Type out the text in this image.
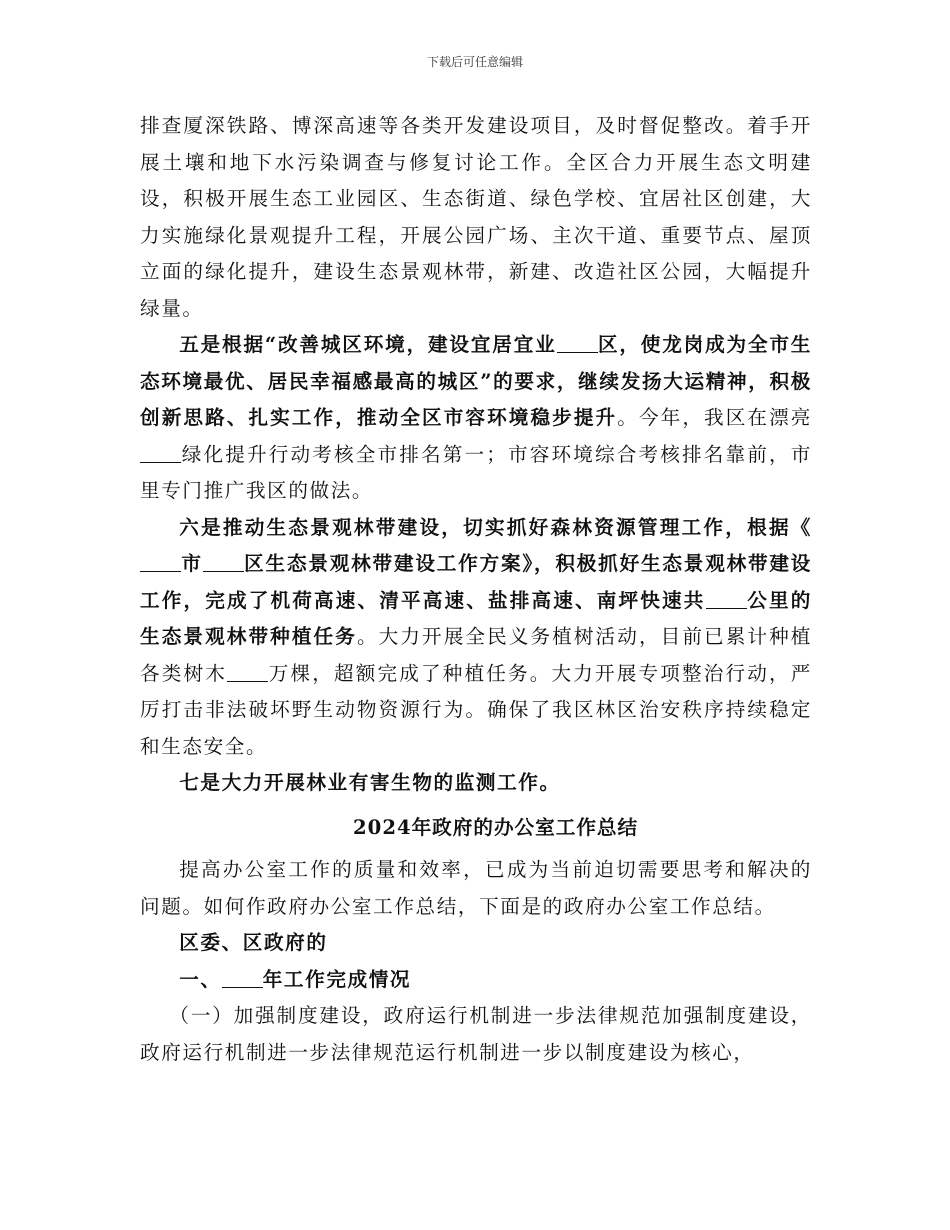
下载后可任意编辑

排查厦深铁路、博深高速等各类开发建设项目，及时督促整改。着手开展土壤和地下水污染调查与修复讨论工作。全区合力开展生态文明建设，积极开展生态工业园区、生态街道、绿色学校、宜居社区创建，大力实施绿化景观提升工程，开展公园广场、主次干道、重要节点、屋顶立面的绿化提升，建设生态景观林带，新建、改造社区公园，大幅提升绿量。

五是根据“改善城区环境，建设宜居宜业 区，使龙岗成为全市生态环境最优、居民幸福感最高的城区”的要求，继续发扬大运精神，积极创新思路、扎实工作，推动全区市容环境稳步提升。今年，我区在漂亮绿化提升行动考核全市排名第一；市容环境综合考核排名靠前，市里专门推广我区的做法。

六是推动生态景观林带建设，切实抓好森林资源管理工作，根据《市 区生态景观林带建设工作方案》，积极抓好生态景观林带建设工作，完成了机荷高速、清平高速、盐排高速、南坪快速共 公里的生态景观林带种植任务。大力开展全民义务植树活动，目前已累计种植各类树木 万棵，超额完成了种植任务。大力开展专项整治行动，严厉打击非法破坏野生动物资源行为。确保了我区林区治安秩序持续稳定和生态安全。

七是大力开展林业有害生物的监测工作。

2024年政府的办公室工作总结

提高办公室工作的质量和效率，已成为当前迫切需要思考和解决的问题。如何作政府办公室工作总结，下面是的政府办公室工作总结。

区委、区政府的

一、 年工作完成情况

（一）加强制度建设，政府运行机制进一步法律规范加强制度建设，政府运行机制进一步法律规范运行机制进一步以制度建设为核心，
